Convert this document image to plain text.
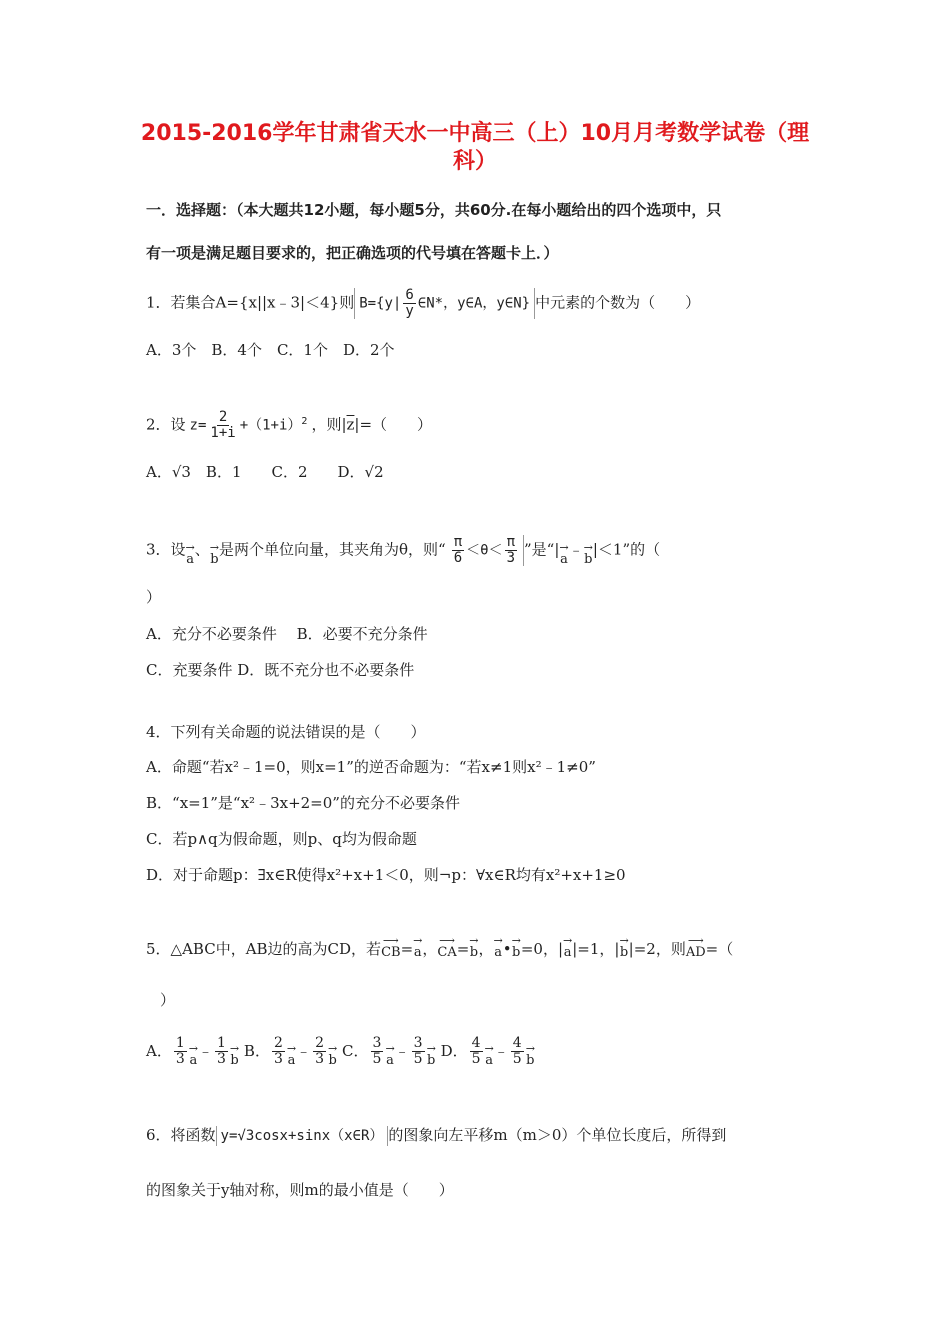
2015-2016学年甘肃省天水一中高三（上）10月月考数学试卷（理科）
一．选择题：（本大题共12小题，每小题5分，共60分.在每小题给出的四个选项中，只
有一项是满足题目要求的，把正确选项的代号填在答题卡上．）
1．若集合A={x||x﹣3|＜4}则 $B=\{y| \frac{6}{y}$ ∈N*，y∈A，y∈N} 中元素的个数为（　　）
A．3个　B．4个　C．1个　D．2个
2．设 $z= \frac{2}{1+i} +(1+i)^2$ ，则$|\overline{z}|=$（　　）
A．√3　B．1　　C．2　　D．√2
3．设 →
a
、 →
b
是两个单位向量，其夹角为θ，则“ $\frac{\pi}{6} <\theta< \frac{\pi}{3}$ ”是“| →
a
﹣ →
b
|＜1”的（
）
A．充分不必要条件　 B．必要不充分条件
C．充要条件 D．既不充分也不必要条件
4．下列有关命题的说法错误的是（　　）
A．命题“若x²﹣1=0，则x=1”的逆否命题为：“若x≠1则x²﹣1≠0”
B．“x=1”是“x²﹣3x+2=0”的充分不必要条件
C．若p∧q为假命题，则p、q均为假命题
D．对于命题p：∃x∈R使得x²+x+1＜0，则¬p：∀x∈R均有x²+x+1≥0
5．△ABC中，AB边的高为CD，若 ⟶
CB = →
a ， ⟶
CA = →
b ， →
a • →
b =0，| →
a |=1，| →
b |=2，则 ⟶
AD =（
）
A． $\frac{1}{3}$ →
a
﹣ $\frac{1}{3}$ →
b
B． $\frac{2}{3}$ →
a
﹣ $\frac{2}{3}$ →
b
C． $\frac{3}{5}$ →
a
﹣ $\frac{3}{5}$ →
b
D． $\frac{4}{5}$ →
a
﹣ $\frac{4}{5}$ →
b
6．将函数 y=√3cosx+sinx（x∈R） 的图象向左平移m（m＞0）个单位长度后，所得到
的图象关于y轴对称，则m的最小值是（　　）
